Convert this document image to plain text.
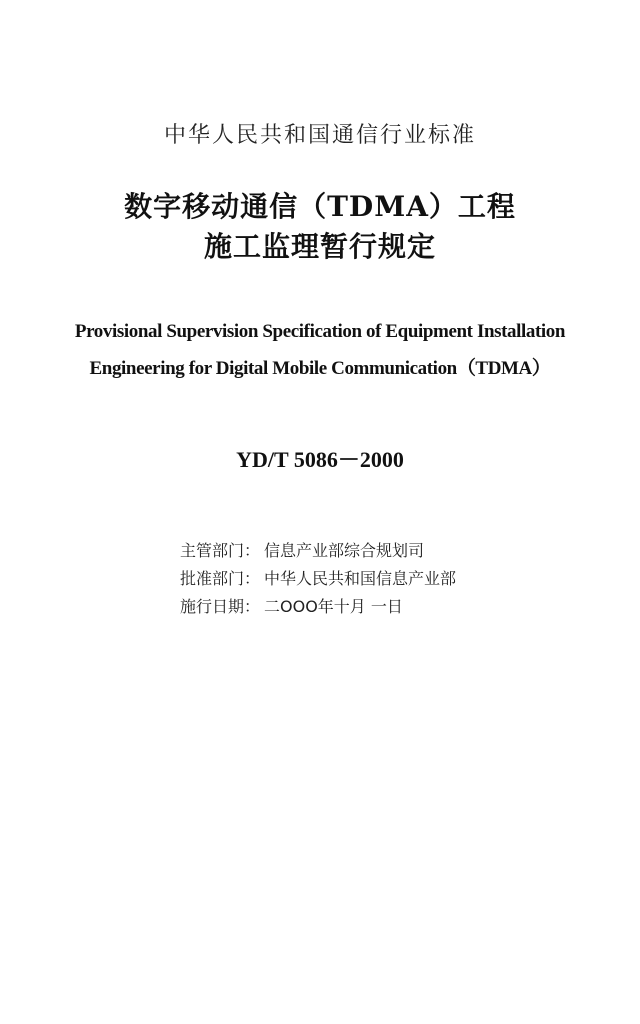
中华人民共和国通信行业标准
数字移动通信（TDMA）工程
施工监理暂行规定
Provisional Supervision Specification of Equipment Installation
Engineering for Digital Mobile Communication（TDMA）
YD/T 5086－2000
主管部门： 信息产业部综合规划司
批准部门： 中华人民共和国信息产业部
施行日期： 二OOO年十月 一日
